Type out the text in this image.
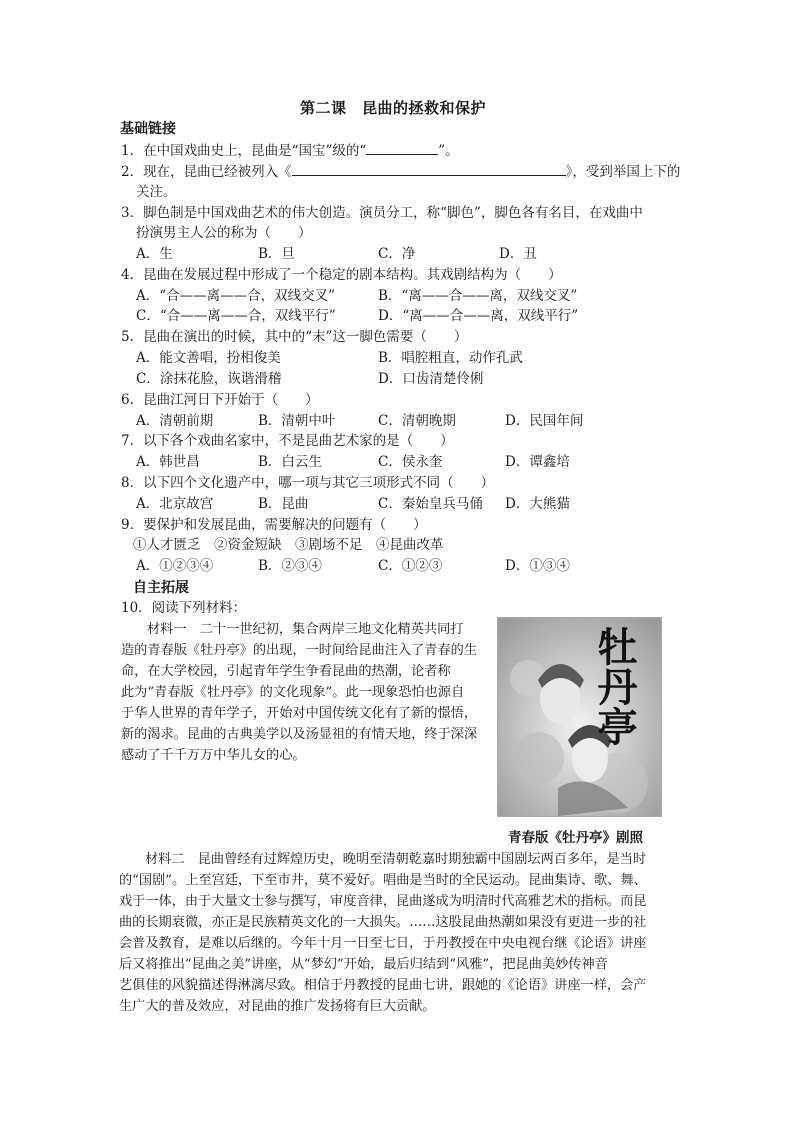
第二课　昆曲的拯救和保护
基础链接
1．在中国戏曲史上，昆曲是“国宝”级的“	”。
2．现在，昆曲已经被列入《	》，受到举国上下的
关注。
3．脚色制是中国戏曲艺术的伟大创造。演员分工，称“脚色”，脚色各有名目，在戏曲中
扮演男主人公的称为（　　）
A．生	B．旦	C．净	D．丑
4．昆曲在发展过程中形成了一个稳定的剧本结构。其戏剧结构为（　　）
A．“合——离——合，双线交叉”	B．“离——合——离，双线交叉”
C．“合——离——合，双线平行”	D．“离——合——离，双线平行”
5．昆曲在演出的时候，其中的“末”这一脚色需要（　　）
A．能文善唱，扮相俊美	B．唱腔粗直，动作孔武
C．涂抹花脸，诙谐滑稽	D．口齿清楚伶俐
6．昆曲江河日下开始于（　　）
A．清朝前期	B．清朝中叶	C．清朝晚期	D．民国年间
7．以下各个戏曲名家中，不是昆曲艺术家的是（　　）
A．韩世昌	B．白云生	C．侯永奎	D．谭鑫培
8．以下四个文化遗产中，哪一项与其它三项形式不同（　　）
A．北京故宫	B．昆曲	C．秦始皇兵马俑 D．大熊猫
9．要保护和发展昆曲，需要解决的问题有（　　）
①人才匮乏　②资金短缺　③剧场不足　④昆曲改革
A．①②③④	B．②③④	C．①②③	D．①③④
自主拓展
10．阅读下列材料：
材料一　二十一世纪初，集合两岸三地文化精英共同打
造的青春版《牡丹亭》的出现，一时间给昆曲注入了青春的生
命，在大学校园，引起青年学生争看昆曲的热潮，论者称
此为“青春版《牡丹亭》的文化现象”。此一现象恐怕也源自
于华人世界的青年学子，开始对中国传统文化有了新的憬悟，
新的渴求。昆曲的古典美学以及汤显祖的有情天地，终于深深
感动了千千万万中华儿女的心。
牡丹亭
青春版《牡丹亭》剧照
材料二　昆曲曾经有过辉煌历史，晚明至清朝乾嘉时期独霸中国剧坛两百多年，是当时
的“国剧”。上至宫廷，下至市井，莫不爱好。唱曲是当时的全民运动。昆曲集诗、歌、舞、
戏于一体，由于大量文士参与撰写，审度音律，昆曲遂成为明清时代高雅艺术的指标。而昆
曲的长期衰微，亦正是民族精英文化的一大损失。……这股昆曲热潮如果没有更进一步的社
会普及教育，是难以后继的。今年十月一日至七日，于丹教授在中央电视台继《论语》讲座
后又将推出“昆曲之美”讲座，从“梦幻”开始，最后归结到“风雅”，把昆曲美妙传神音
艺俱佳的风貌描述得淋漓尽致。相信于丹教授的昆曲七讲，跟她的《论语》讲座一样，会产
生广大的普及效应，对昆曲的推广发扬将有巨大贡献。
